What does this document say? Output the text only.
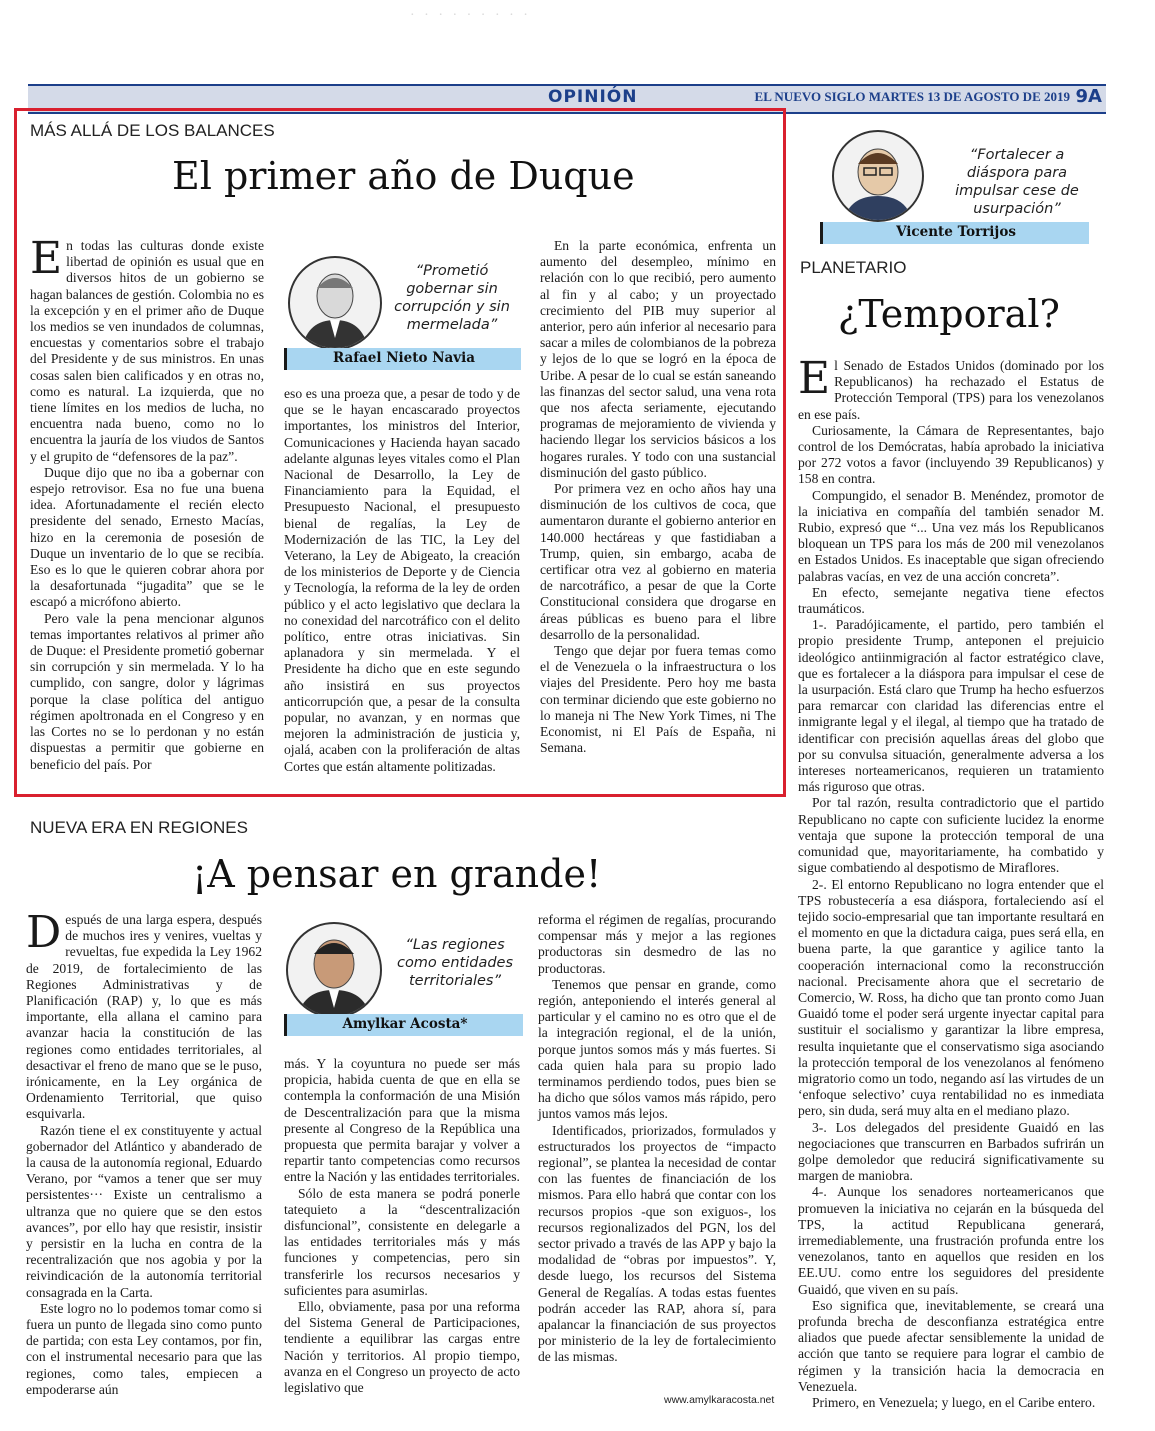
· · · · · · · · ·
OPINIÓN	EL NUEVO SIGLO MARTES 13 DE AGOSTO DE 2019 9A
MÁS ALLÁ DE LOS BALANCES
El primer año de Duque

En todas las culturas donde existe libertad de opinión es usual que en diversos hitos de un gobierno se hagan balances de gestión. Colombia no es la excepción y en el primer año de Duque los medios se ven inundados de columnas, encuestas y comentarios sobre el trabajo del Presidente y de sus ministros. En unas cosas salen bien calificados y en otras no, como es natural. La izquierda, que no tiene límites en los medios de lucha, no encuentra nada bueno, como no lo encuentra la jauría de los viudos de Santos y el grupito de “defensores de la paz”.

Duque dijo que no iba a gobernar con espejo retrovisor. Esa no fue una buena idea. Afortunadamente el recién electo presidente del senado, Ernesto Macías, hizo en la ceremonia de posesión de Duque un inventario de lo que se recibía. Eso es lo que le quieren cobrar ahora por la desafortunada “jugadita” que se le escapó a micrófono abierto.

Pero vale la pena mencionar algunos temas importantes relativos al primer año de Duque: el Presidente prometió gobernar sin corrupción y sin mermelada. Y lo ha cumplido, con sangre, dolor y lágrimas porque la clase política del antiguo régimen apoltronada en el Congreso y en las Cortes no se lo perdonan y no están dispuestas a permitir que gobierne en beneficio del país. Por

“Prometió gobernar sin corrupción y sin mermelada”
Rafael Nieto Navia

eso es una proeza que, a pesar de todo y de que se le hayan encascarado proyectos importantes, los ministros del Interior, Comunicaciones y Hacienda hayan sacado adelante algunas leyes vitales como el Plan Nacional de Desarrollo, la Ley de Financiamiento para la Equidad, el Presupuesto Nacional, el presupuesto bienal de regalías, la Ley de Modernización de las TIC, la Ley del Veterano, la Ley de Abigeato, la creación de los ministerios de Deporte y de Ciencia y Tecnología, la reforma de la ley de orden público y el acto legislativo que declara la no conexidad del narcotráfico con el delito político, entre otras iniciativas. Sin aplanadora y sin mermelada. Y el Presidente ha dicho que en este segundo año insistirá en sus proyectos anticorrupción que, a pesar de la consulta popular, no avanzan, y en normas que mejoren la administración de justicia y, ojalá, acaben con la proliferación de altas Cortes que están altamente politizadas.

En la parte económica, enfrenta un aumento del desempleo, mínimo en relación con lo que recibió, pero aumento al fin y al cabo; y un proyectado crecimiento del PIB muy superior al anterior, pero aún inferior al necesario para sacar a miles de colombianos de la pobreza y lejos de lo que se logró en la época de Uribe. A pesar de lo cual se están saneando las finanzas del sector salud, una vena rota que nos afecta seriamente, ejecutando programas de mejoramiento de vivienda y haciendo llegar los servicios básicos a los hogares rurales. Y todo con una sustancial disminución del gasto público.

Por primera vez en ocho años hay una disminución de los cultivos de coca, que aumentaron durante el gobierno anterior en 140.000 hectáreas y que fastidiaban a Trump, quien, sin embargo, acaba de certificar otra vez al gobierno en materia de narcotráfico, a pesar de que la Corte Constitucional considera que drogarse en áreas públicas es bueno para el libre desarrollo de la personalidad.

Tengo que dejar por fuera temas como el de Venezuela o la infraestructura o los viajes del Presidente. Pero hoy me basta con terminar diciendo que este gobierno no lo maneja ni The New York Times, ni The Economist, ni El País de España, ni Semana.

“Fortalecer a diáspora para impulsar cese de usurpación”
Vicente Torrijos
PLANETARIO
¿Temporal?

El Senado de Estados Unidos (dominado por los Republicanos) ha rechazado el Estatus de Protección Temporal (TPS) para los venezolanos en ese país.

Curiosamente, la Cámara de Representantes, bajo control de los Demócratas, había aprobado la iniciativa por 272 votos a favor (incluyendo 39 Republicanos) y 158 en contra.

Compungido, el senador B. Menéndez, promotor de la iniciativa en compañía del también senador M. Rubio, expresó que “... Una vez más los Republicanos bloquean un TPS para los más de 200 mil venezolanos en Estados Unidos. Es inaceptable que sigan ofreciendo palabras vacías, en vez de una acción concreta”.

En efecto, semejante negativa tiene efectos traumáticos.

1-. Paradójicamente, el partido, pero también el propio presidente Trump, anteponen el prejuicio ideológico antiinmigración al factor estratégico clave, que es fortalecer a la diáspora para impulsar el cese de la usurpación. Está claro que Trump ha hecho esfuerzos para remarcar con claridad las diferencias entre el inmigrante legal y el ilegal, al tiempo que ha tratado de identificar con precisión aquellas áreas del globo que por su convulsa situación, generalmente adversa a los intereses norteamericanos, requieren un tratamiento más riguroso que otras.

Por tal razón, resulta contradictorio que el partido Republicano no capte con suficiente lucidez la enorme ventaja que supone la protección temporal de una comunidad que, mayoritariamente, ha combatido y sigue combatiendo al despotismo de Miraflores.

2-. El entorno Republicano no logra entender que el TPS robustecería a esa diáspora, fortaleciendo así el tejido socio-empresarial que tan importante resultará en el momento en que la dictadura caiga, pues será ella, en buena parte, la que garantice y agilice tanto la cooperación internacional como la reconstrucción nacional. Precisamente ahora que el secretario de Comercio, W. Ross, ha dicho que tan pronto como Juan Guaidó tome el poder será urgente inyectar capital para sustituir el socialismo y garantizar la libre empresa, resulta inquietante que el conservatismo siga asociando la protección temporal de los venezolanos al fenómeno migratorio como un todo, negando así las virtudes de un ‘enfoque selectivo’ cuya rentabilidad no es inmediata pero, sin duda, será muy alta en el mediano plazo.

3-. Los delegados del presidente Guaidó en las negociaciones que transcurren en Barbados sufrirán un golpe demoledor que reducirá significativamente su margen de maniobra.

4-. Aunque los senadores norteamericanos que promueven la iniciativa no cejarán en la búsqueda del TPS, la actitud Republicana generará, irremediablemente, una frustración profunda entre los venezolanos, tanto en aquellos que residen en los EE.UU. como entre los seguidores del presidente Guaidó, que viven en su país.

Eso significa que, inevitablemente, se creará una profunda brecha de desconfianza estratégica entre aliados que puede afectar sensiblemente la unidad de acción que tanto se requiere para lograr el cambio de régimen y la transición hacia la democracia en Venezuela.

Primero, en Venezuela; y luego, en el Caribe entero.

NUEVA ERA EN REGIONES
¡A pensar en grande!

Después de una larga espera, después de muchos ires y venires, vueltas y revueltas, fue expedida la Ley 1962 de 2019, de fortalecimiento de las Regiones Administrativas y de Planificación (RAP) y, lo que es más importante, ella allana el camino para avanzar hacia la constitución de las regiones como entidades territoriales, al desactivar el freno de mano que se le puso, irónicamente, en la Ley orgánica de Ordenamiento Territorial, que quiso esquivarla.

Razón tiene el ex constituyente y actual gobernador del Atlántico y abanderado de la causa de la autonomía regional, Eduardo Verano, por “vamos a tener que ser muy persistentes··· Existe un centralismo a ultranza que no quiere que se den estos avances”, por ello hay que resistir, insistir y persistir en la lucha en contra de la recentralización que nos agobia y por la reivindicación de la autonomía territorial consagrada en la Carta.

Este logro no lo podemos tomar como si fuera un punto de llegada sino como punto de partida; con esta Ley contamos, por fin, con el instrumental necesario para que las regiones, como tales, empiecen a empoderarse aún

“Las regiones como entidades territoriales”
Amylkar Acosta*

más. Y la coyuntura no puede ser más propicia, habida cuenta de que en ella se contempla la conformación de una Misión de Descentralización para que la misma presente al Congreso de la República una propuesta que permita barajar y volver a repartir tanto competencias como recursos entre la Nación y las entidades territoriales.

Sólo de esta manera se podrá ponerle tatequieto a la “descentralización disfuncional”, consistente en delegarle a las entidades territoriales más y más funciones y competencias, pero sin transferirle los recursos necesarios y suficientes para asumirlas.

Ello, obviamente, pasa por una reforma del Sistema General de Participaciones, tendiente a equilibrar las cargas entre Nación y territorios. Al propio tiempo, avanza en el Congreso un proyecto de acto legislativo que

reforma el régimen de regalías, procurando compensar más y mejor a las regiones productoras sin desmedro de las no productoras.

Tenemos que pensar en grande, como región, anteponiendo el interés general al particular y el camino no es otro que el de la integración regional, el de la unión, porque juntos somos más y más fuertes. Si cada quien hala para su propio lado terminamos perdiendo todos, pues bien se ha dicho que sólos vamos más rápido, pero juntos vamos más lejos.

Identificados, priorizados, formulados y estructurados los proyectos de “impacto regional”, se plantea la necesidad de contar con las fuentes de financiación de los mismos. Para ello habrá que contar con los recursos propios -que son exiguos-, los recursos regionalizados del PGN, los del sector privado a través de las APP y bajo la modalidad de “obras por impuestos”. Y, desde luego, los recursos del Sistema General de Regalías. A todas estas fuentes podrán acceder las RAP, ahora sí, para apalancar la financiación de sus proyectos por ministerio de la ley de fortalecimiento de las mismas.

www.amylkaracosta.net
